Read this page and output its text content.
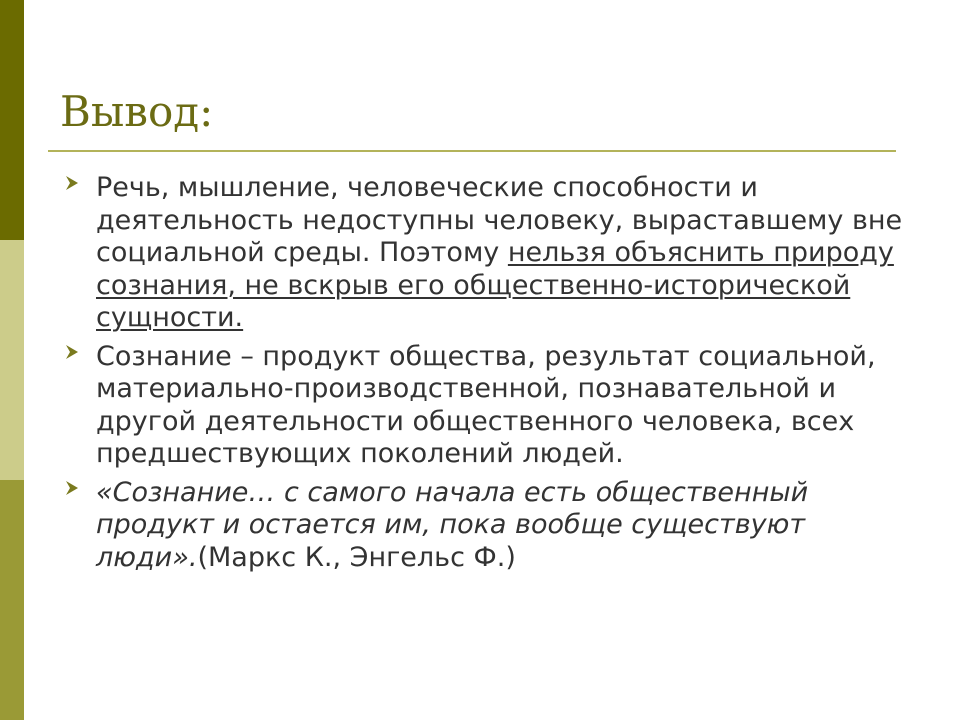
Вывод:
Речь, мышление, человеческие способности и деятельность недоступны человеку, выраставшему вне социальной среды. Поэтому нельзя объяснить природу сознания, не вскрыв его общественно-исторической сущности.
Сознание – продукт общества, результат социальной, материально-производственной, познавательной и другой деятельности общественного человека, всех предшествующих поколений людей.
«Сознание… с самого начала есть общественный продукт и остается им, пока вообще существуют люди».(Маркс К., Энгельс Ф.)
